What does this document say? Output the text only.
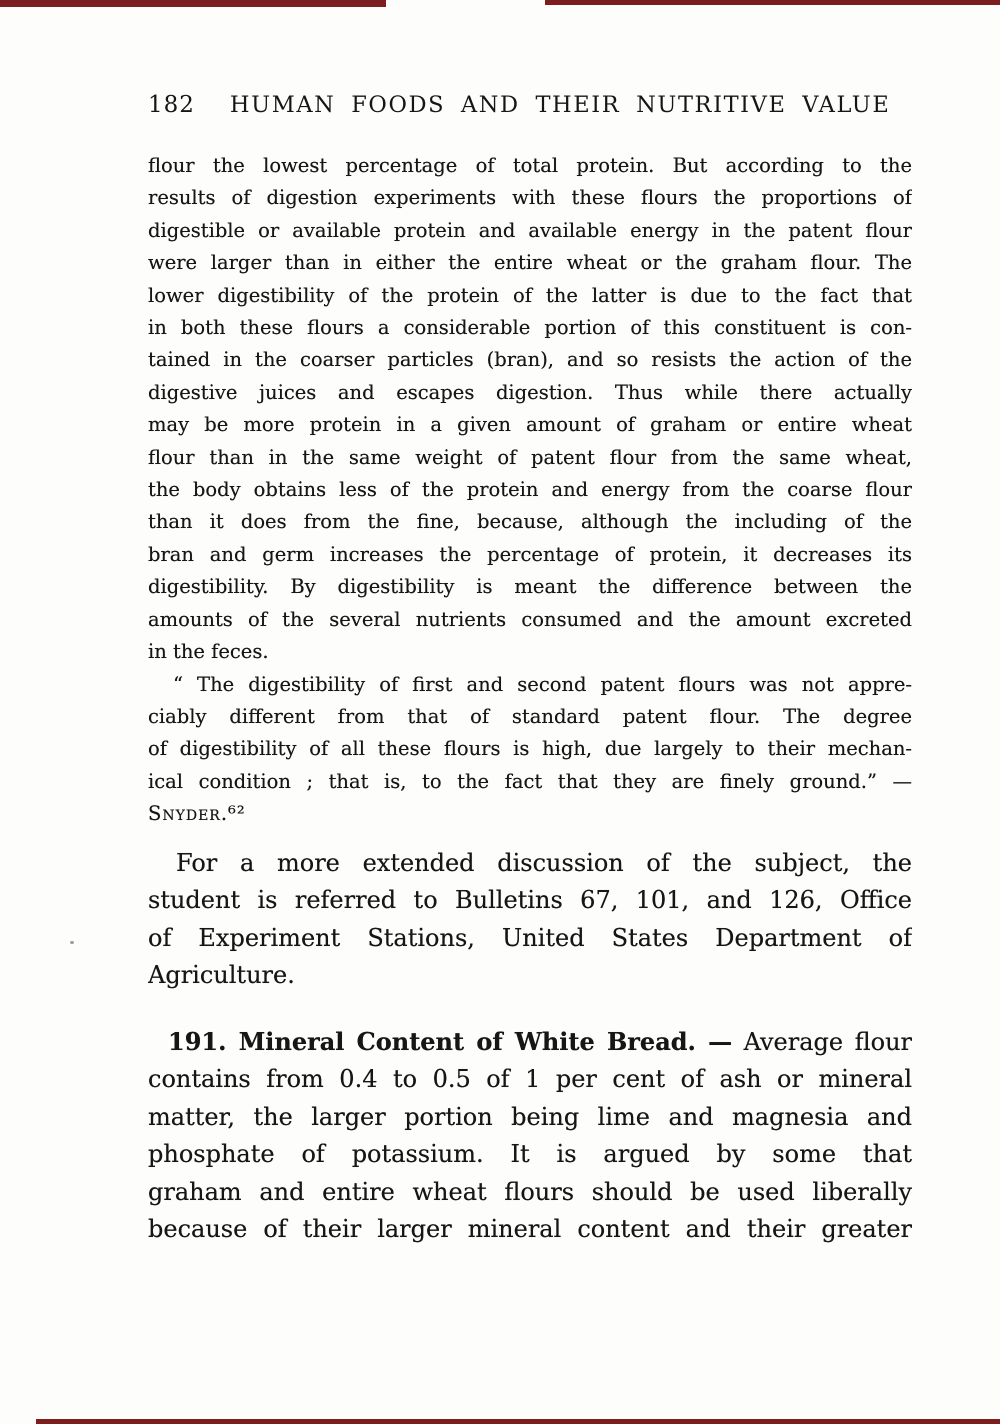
182 HUMAN FOODS AND THEIR NUTRITIVE VALUE
flour the lowest percentage of total protein. But according to the
results of digestion experiments with these flours the proportions of
digestible or available protein and available energy in the patent flour
were larger than in either the entire wheat or the graham flour. The
lower digestibility of the protein of the latter is due to the fact that
in both these flours a considerable portion of this constituent is con-
tained in the coarser particles (bran), and so resists the action of the
digestive juices and escapes digestion. Thus while there actually
may be more protein in a given amount of graham or entire wheat
flour than in the same weight of patent flour from the same wheat,
the body obtains less of the protein and energy from the coarse flour
than it does from the fine, because, although the including of the
bran and germ increases the percentage of protein, it decreases its
digestibility. By digestibility is meant the difference between the
amounts of the several nutrients consumed and the amount excreted
in the feces.
“ The digestibility of first and second patent flours was not appre-
ciably different from that of standard patent flour. The degree
of digestibility of all these flours is high, due largely to their mechan-
ical condition ; that is, to the fact that they are finely ground.” —
Snyder.⁶²
For a more extended discussion of the subject, the
student is referred to Bulletins 67, 101, and 126, Office
of Experiment Stations, United States Department of
Agriculture.
191. Mineral Content of White Bread. — Average flour
contains from 0.4 to 0.5 of 1 per cent of ash or mineral
matter, the larger portion being lime and magnesia and
phosphate of potassium. It is argued by some that
graham and entire wheat flours should be used liberally
because of their larger mineral content and their greater
